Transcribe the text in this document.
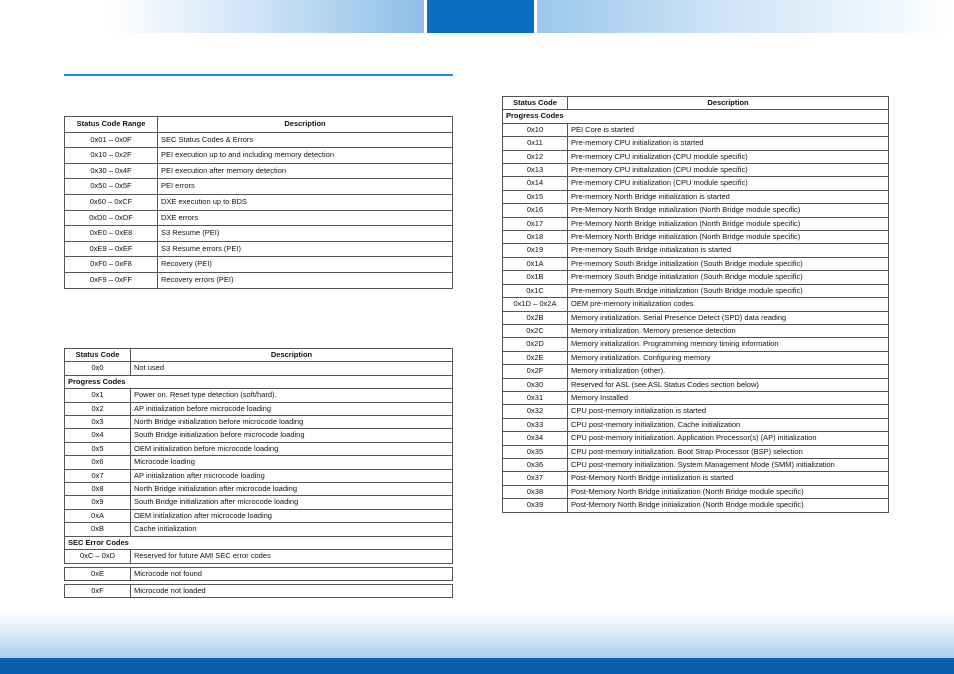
Status Code Range	Description
0x01 – 0x0F	SEC Status Codes & Errors
0x10 – 0x2F	PEI execution up to and including memory detection
0x30 – 0x4F	PEI execution after memory detection
0x50 – 0x5F	PEI errors
0x60 – 0xCF	DXE execution up to BDS
0xD0 – 0xDF	DXE errors
0xE0 – 0xE8	S3 Resume (PEI)
0xE9 – 0xEF	S3 Resume errors (PEI)
0xF0 – 0xF8	Recovery (PEI)
0xF9 – 0xFF	Recovery errors (PEI)
Status Code	Description
0x0	Not used
Progress Codes	
0x1	Power on. Reset type detection (soft/hard).
0x2	AP initialization before microcode loading
0x3	North Bridge initialization before microcode loading
0x4	South Bridge initialization before microcode loading
0x5	OEM initialization before microcode loading
0x6	Microcode loading
0x7	AP initialization after microcode loading
0x8	North Bridge initialization after microcode loading
0x9	South Bridge initialization after microcode loading
0xA	OEM initialization after microcode loading
0xB	Cache initialization
SEC Error Codes	
0xC – 0xD	Reserved for future AMI SEC error codes

0xE	Microcode not found

0xF	Microcode not loaded
Status Code	Description
Progress Codes	
0x10	PEI Core is started
0x11	Pre-memory CPU initialization is started
0x12	Pre-memory CPU initialization (CPU module specific)
0x13	Pre-memory CPU initialization (CPU module specific)
0x14	Pre-memory CPU initialization (CPU module specific)
0x15	Pre-memory North Bridge initialization is started
0x16	Pre-Memory North Bridge initialization (North Bridge module specific)
0x17	Pre-Memory North Bridge initialization (North Bridge module specific)
0x18	Pre-Memory North Bridge initialization (North Bridge module specific)
0x19	Pre-memory South Bridge initialization is started
0x1A	Pre-memory South Bridge initialization (South Bridge module specific)
0x1B	Pre-memory South Bridge initialization (South Bridge module specific)
0x1C	Pre-memory South Bridge initialization (South Bridge module specific)
0x1D – 0x2A	OEM pre-memory initialization codes
0x2B	Memory initialization. Serial Presence Detect (SPD) data reading
0x2C	Memory initialization. Memory presence detection
0x2D	Memory initialization. Programming memory timing information
0x2E	Memory initialization. Configuring memory
0x2F	Memory initialization (other).
0x30	Reserved for ASL (see ASL Status Codes section below)
0x31	Memory Installed
0x32	CPU post-memory initialization is started
0x33	CPU post-memory initialization. Cache initialization
0x34	CPU post-memory initialization. Application Processor(s) (AP) initialization
0x35	CPU post-memory initialization. Boot Strap Processor (BSP) selection
0x36	CPU post-memory initialization. System Management Mode (SMM) initialization
0x37	Post-Memory North Bridge initialization is started
0x38	Post-Memory North Bridge initialization (North Bridge module specific)
0x39	Post-Memory North Bridge initialization (North Bridge module specific)
